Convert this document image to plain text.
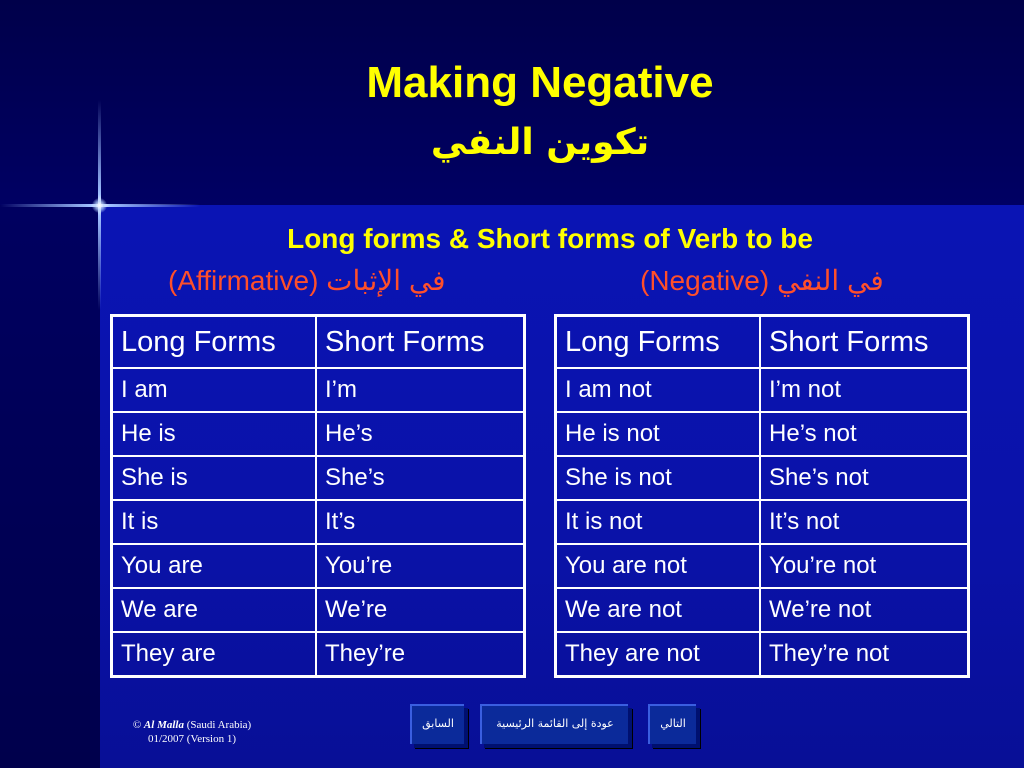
Making Negative
تكوين النفي
Long forms & Short forms of Verb to be
(Affirmative) في الإثبات	(Negative) في النفي
Long Forms	Short Forms
I am	I’m
He is	He’s
She is	She’s
It is	It’s
You are	You’re
We are	We’re
They are	They’re
Long Forms	Short Forms
I am not	I’m not
He is not	He’s not
She is not	She’s not
It is not	It’s not
You are not	You’re not
We are not	We’re not
They are not	They’re not
© Al Malla (Saudi Arabia)
01/2007 (Version 1)
السابق	عودة إلى القائمة الرئيسية	التالي
